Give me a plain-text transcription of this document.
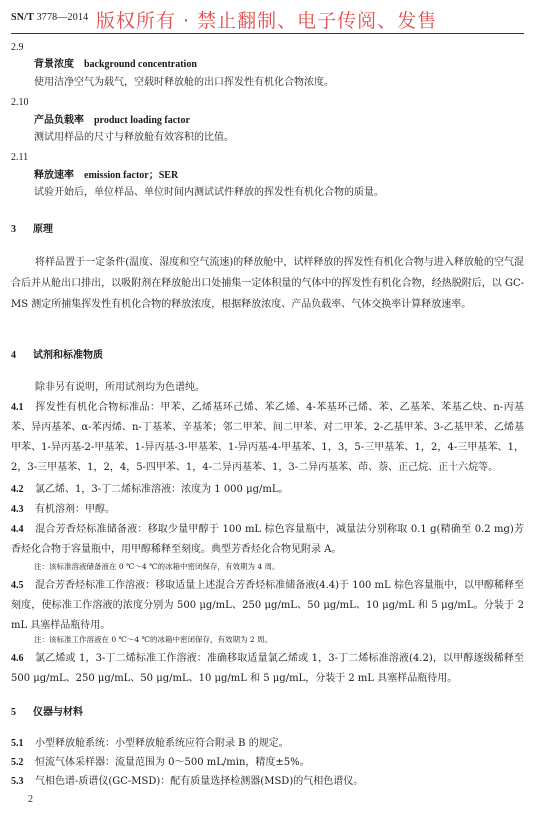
SN/T 3778—2014 版权所有 · 禁止翻制、电子传阅、发售
2.9
背景浓度 background concentration
使用洁净空气为载气，空载时释放舱的出口挥发性有机化合物浓度。
2.10
产品负载率 product loading factor
测试用样品的尺寸与释放舱有效容积的比值。
2.11
释放速率 emission factor；SER
试验开始后，单位样品、单位时间内测试试件释放的挥发性有机化合物的质量。
3 原理
将样品置于一定条件(温度、湿度和空气流速)的释放舱中，试样释放的挥发性有机化合物与进入释放舱的空气混合后并从舱出口排出，以吸附剂在释放舱出口处捕集一定体积量的气体中的挥发性有机化合物，经热脱附后，以 GC-MS 测定所捕集挥发性有机化合物的释放浓度，根据释放浓度、产品负载率、气体交换率计算释放速率。
4 试剂和标准物质
除非另有说明，所用试剂均为色谱纯。
4.1 挥发性有机化合物标准品：甲苯、乙烯基环己烯、苯乙烯、4-苯基环己烯、苯、乙基苯、苯基乙炔、n-丙基苯、异丙基苯、α-苯丙烯、n-丁基苯、辛基苯；邻二甲苯、间二甲苯、对二甲苯、2-乙基甲苯、3-乙基甲苯、乙烯基甲苯、1-异丙基-2-甲基苯、1-异丙基-3-甲基苯、1-异丙基-4-甲基苯、1，3，5-三甲基苯、1，2，4-三甲基苯、1，2，3-三甲基苯、1，2，4，5-四甲苯、1，4-二异丙基苯、1，3-二异丙基苯、茚、萘、正己烷、正十六烷等。
4.2 氯乙烯、1，3-丁二烯标准溶液：浓度为 1 000 μg/mL。
4.3 有机溶剂：甲醇。
4.4 混合芳香烃标准储备液：移取少量甲醇于 100 mL 棕色容量瓶中，减量法分别称取 0.1 g(精确至 0.2 mg)芳香烃化合物于容量瓶中，用甲醇稀释至刻度。典型芳香烃化合物见附录 A。
注：该标准溶液储备液在 0 ℃～4 ℃的冰箱中密闭保存，有效期为 4 周。
4.5 混合芳香烃标准工作溶液：移取适量上述混合芳香烃标准储备液(4.4)于 100 mL 棕色容量瓶中，以甲醇稀释至刻度，使标准工作溶液的浓度分别为 500 μg/mL、250 μg/mL、50 μg/mL、10 μg/mL 和 5 μg/mL。分装于 2 mL 具塞样品瓶待用。
注：该标准工作溶液在 0 ℃～4 ℃的冰箱中密闭保存，有效期为 2 周。
4.6 氯乙烯或 1，3-丁二烯标准工作溶液：准确移取适量氯乙烯或 1，3-丁二烯标准溶液(4.2)，以甲醇逐级稀释至 500 μg/mL、250 μg/mL、50 μg/mL、10 μg/mL 和 5 μg/mL，分装于 2 mL 具塞样品瓶待用。
5 仪器与材料
5.1 小型释放舱系统：小型释放舱系统应符合附录 B 的规定。
5.2 恒流气体采样器：流量范围为 0～500 mL/min，精度±5%。
5.3 气相色谱-质谱仪(GC-MSD)：配有质量选择检测器(MSD)的气相色谱仪。
2
